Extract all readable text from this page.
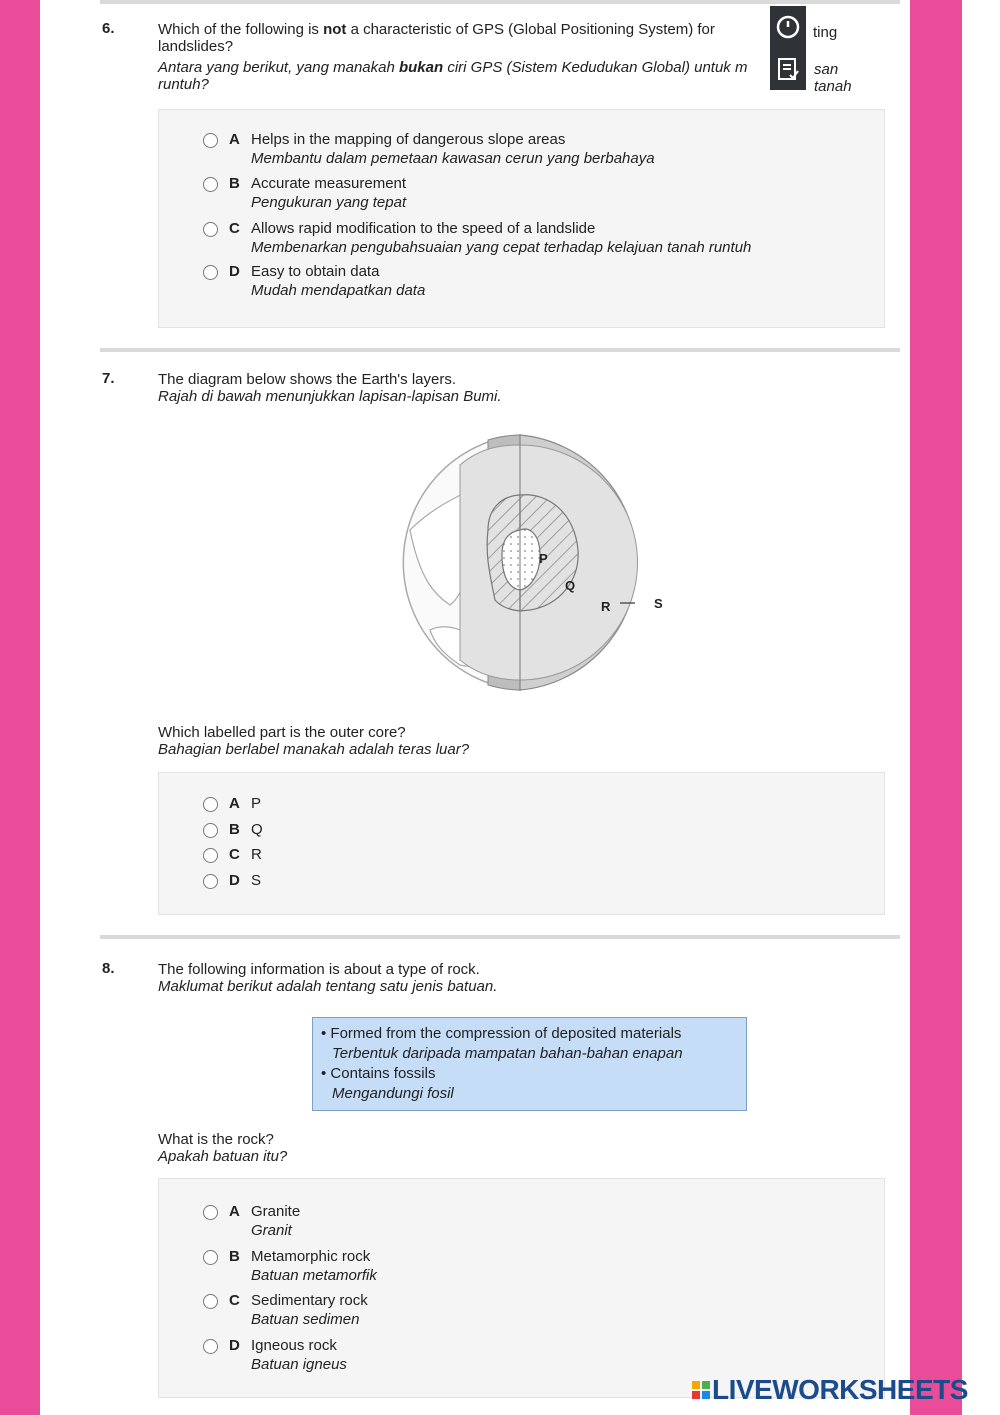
6.	Which of the following is not a characteristic of GPS (Global Positioning System) for	ting
landslides?
Antara yang berikut, yang manakah bukan ciri GPS (Sistem Kedudukan Global) untuk m	san tanah
runtuh?
A Helps in the mapping of dangerous slope areas
Membantu dalam pemetaan kawasan cerun yang berbahaya
B Accurate measurement
Pengukuran yang tepat
C Allows rapid modification to the speed of a landslide
Membenarkan pengubahsuaian yang cepat terhadap kelajuan tanah runtuh
D Easy to obtain data
Mudah mendapatkan data
7.	The diagram below shows the Earth's layers.
Rajah di bawah menunjukkan lapisan-lapisan Bumi.
P
Q
R	S
Which labelled part is the outer core?
Bahagian berlabel manakah adalah teras luar?
A P
B Q
C R
D S
8.	The following information is about a type of rock.
Maklumat berikut adalah tentang satu jenis batuan.
• Formed from the compression of deposited materials
Terbentuk daripada mampatan bahan-bahan enapan
• Contains fossils
Mengandungi fosil
What is the rock?
Apakah batuan itu?
A Granite
Granit
B Metamorphic rock
Batuan metamorfik
C Sedimentary rock
Batuan sedimen
D Igneous rock
Batuan igneus
LIVEWORKSHEETS
